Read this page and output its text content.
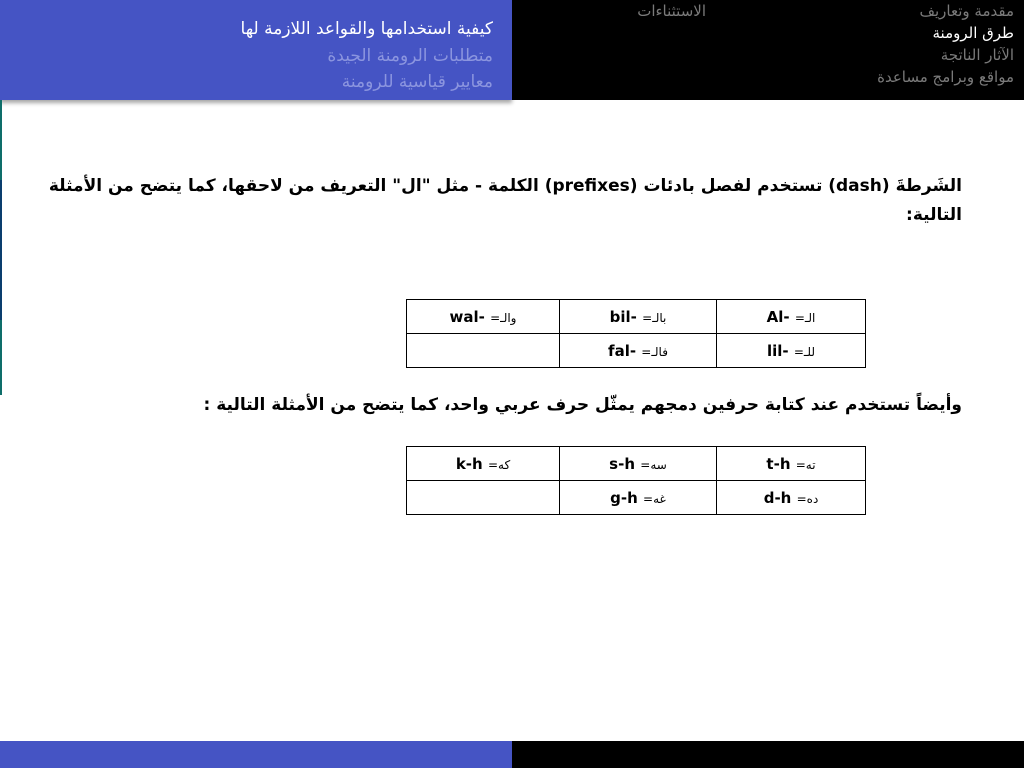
كيفية استخدامها والقواعد اللازمة لها
متطلبات الرومنة الجيدة
معايير قياسية للرومنة
الاستثناءات	مقدمة وتعاريف
طرق الرومنة
الآثار الناتجة
مواقع وبرامج مساعدة
الشَرطةَ (dash) تستخدم لفصل بادئات (prefixes) الكلمة - مثل "ال" التعريف من لاحقها، كما يتضح من الأمثلة التالية:
wal- =والـ	bil- =بالـ	Al- =الـ
	fal- =فالـ	lil- =للـ
وأيضاً تستخدم عند كتابة حرفين دمجهم يمثّل حرف عربي واحد، كما يتضح من الأمثلة التالية :
k-h =كه	s-h =سه	t-h =ته
	g-h =غه	d-h =ده
